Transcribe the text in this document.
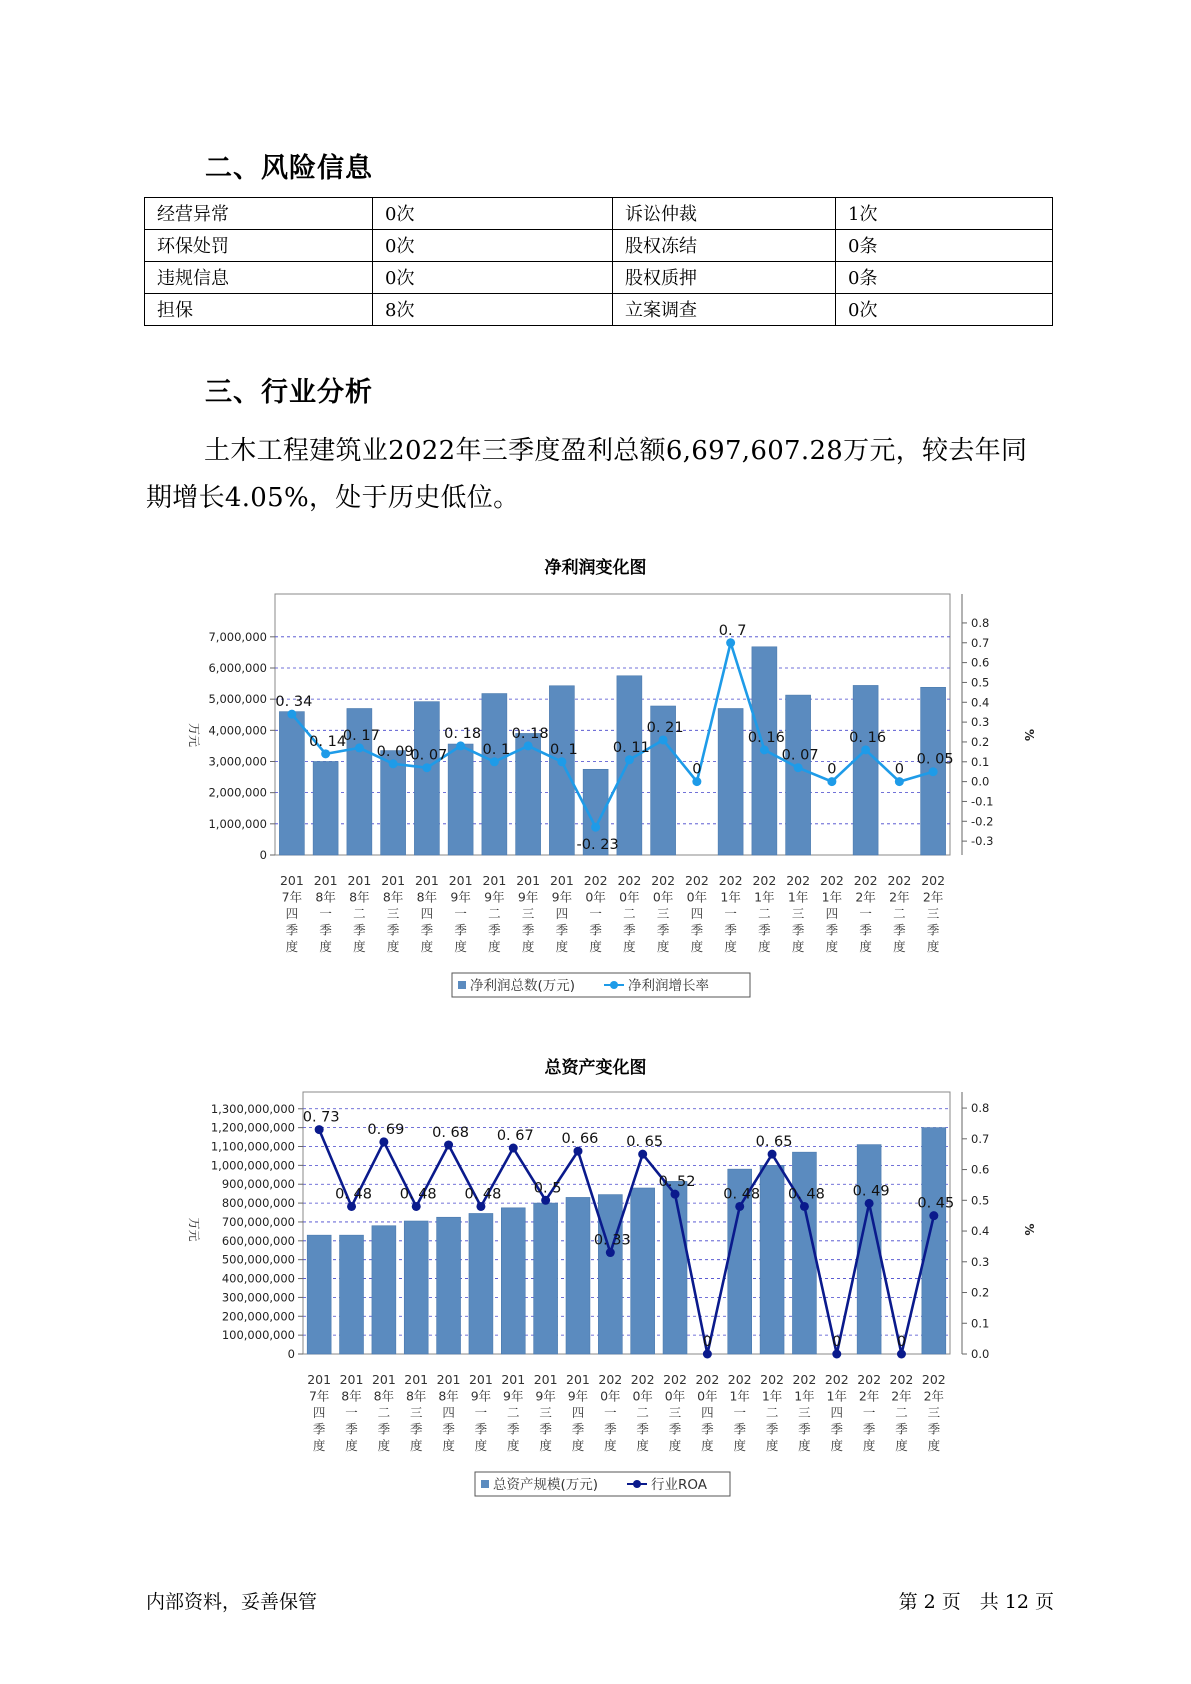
二、风险信息
经营异常	0次	诉讼仲裁	1次
环保处罚	0次	股权冻结	0条
违规信息	0次	股权质押	0条
担保	8次	立案调查	0次
三、行业分析
土木工程建筑业2022年三季度盈利总额6,697,607.28万元，较去年同期增长4.05%，处于历史低位。
净利润变化图
0
1,000,000
2,000,000
3,000,000
4,000,000
5,000,000
6,000,000
7,000,000
-0.3
-0.2
-0.1
0.0
0.1
0.2
0.3
0.4
0.5
0.6
0.7
0.8
万元	%
0. 34
0. 14
0. 17
0. 09
0. 07
0. 18
0. 1
0. 18
0. 1
-0. 23
0. 11
0. 21
0
0. 7
0. 16
0. 07
0
0. 16
0
0. 05
201
7年
四
季
度
201
8年
一
季
度
201
8年
二
季
度
201
8年
三
季
度
201
8年
四
季
度
201
9年
一
季
度
201
9年
二
季
度
201
9年
三
季
度
201
9年
四
季
度
202
0年
一
季
度
202
0年
二
季
度
202
0年
三
季
度
202
0年
四
季
度
202
1年
一
季
度
202
1年
二
季
度
202
1年
三
季
度
202
1年
四
季
度
202
2年
一
季
度
202
2年
二
季
度
202
2年
三
季
度
净利润总数(万元)	净利润增长率
总资产变化图
0
100,000,000
200,000,000
300,000,000
400,000,000
500,000,000
600,000,000
700,000,000
800,000,000
900,000,000
1,000,000,000
1,100,000,000
1,200,000,000
1,300,000,000
0.0
0.1
0.2
0.3
0.4
0.5
0.6
0.7
0.8
万元	%
0. 73
0. 48
0. 69
0. 48
0. 68
0. 48
0. 67
0. 5
0. 66
0. 33
0. 65
0. 52
0
0. 48
0. 65
0. 48
0
0. 49
0
0. 45
201
7年
四
季
度
201
8年
一
季
度
201
8年
二
季
度
201
8年
三
季
度
201
8年
四
季
度
201
9年
一
季
度
201
9年
二
季
度
201
9年
三
季
度
201
9年
四
季
度
202
0年
一
季
度
202
0年
二
季
度
202
0年
三
季
度
202
0年
四
季
度
202
1年
一
季
度
202
1年
二
季
度
202
1年
三
季
度
202
1年
四
季
度
202
2年
一
季
度
202
2年
二
季
度
202
2年
三
季
度
总资产规模(万元)	行业ROA
内部资料，妥善保管	第 2 页　共 12 页
